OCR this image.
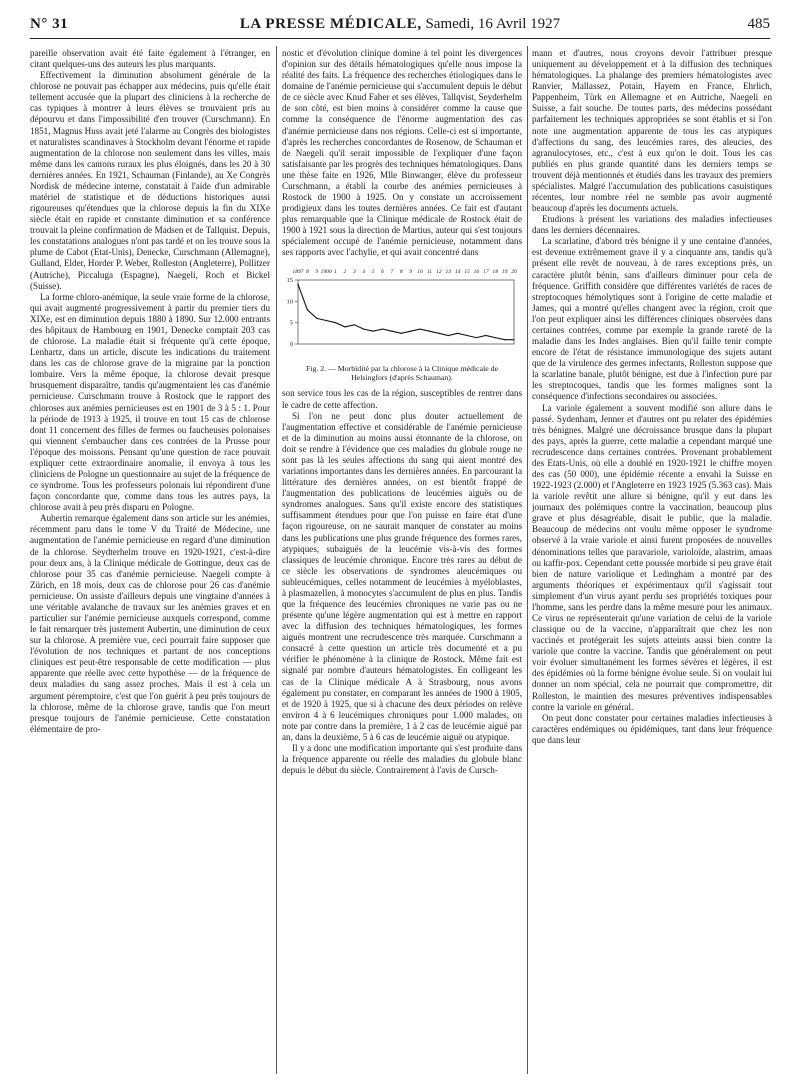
N° 31	LA PRESSE MÉDICALE, Samedi, 16 Avril 1927	485

pareille observation avait été faite également à l'étranger, en citant quelques-uns des auteurs les plus marquants.

Effectivement la diminution absolument générale de la chlorose ne pouvait pas échapper aux médecins, puis qu'elle était tellement accusée que la plupart des cliniciens à la recherche de cas typiques à montrer à leurs élèves se trouvaient pris au dépourvu et dans l'impossibilité d'en trouver (Curschmann). En 1851, Magnus Huss avait jeté l'alarme au Congrès des biologistes et naturalistes scandinaves à Stockholm devant l'énorme et rapide augmentation de la chlorose non seulement dans les villes, mais même dans les cantons ruraux les plus éloignés, dans les 20 à 30 dernières années. En 1921, Schauman (Finlande), au Xe Congrès Nordisk de médecine interne, constatait à l'aide d'un admirable matériel de statistique et de déductions historiques aussi rigoureuses qu'étendues que la chlorose depuis la fin du XIXe siècle était en rapide et constante diminution et sa conférence trouvait la pleine confirmation de Madsen et de Tallquist. Depuis, les constatations analogues n'ont pas tardé et on les trouve sous la plume de Cabot (Etat-Unis), Denecke, Curschmann (Allemagne), Gulland, Elder, Horder P. Weber, Rolleston (Angleterre), Pollitzer (Autriche), Piccaluga (Espagne), Naegeli, Roch et Bickel (Suisse).

La forme chloro-anémique, la seule vraie forme de la chlorose, qui avait augmenté progressivement à partir du premier tiers du XIXe, est en diminution depuis 1880 à 1890. Sur 12.000 entrants des hôpitaux de Hambourg en 1901, Denecke comptait 203 cas de chlorose. La maladie était si fréquente qu'à cette époque, Lenhartz, dans un article, discute les indications du traitement dans les cas de chlorose grave de la migraine par la ponction lombaire. Vers la même époque, la chlorose devait presque brusquement disparaître, tandis qu'augmentaient les cas d'anémie pernicieuse. Curschmann trouve à Rostock que le rapport des chloroses aux anémies pernicieuses est en 1901 de 3 à 5 : 1. Pour la période de 1913 à 1925, il trouve en tout 15 cas de chlorose dont 11 concernent des filles de fermes ou faucheuses polonaises qui viennent s'embaucher dans ces contrées de la Prusse pour l'époque des moissons. Pensant qu'une question de race pouvait expliquer cette extraordinaire anomalie, il envoya à tous les cliniciens de Pologne un questionnaire au sujet de la fréquence de ce syndrome. Tous les professeurs polonais lui répondirent d'une façon concordante que, comme dans tous les autres pays, la chlorose avait à peu près disparu en Pologne.

Aubertin remarque également dans son article sur les anémies, récemment paru dans le tome V du Traité de Médecine, une augmentation de l'anémie pernicieuse en regard d'une diminution de la chlorose. Seydterhelm trouve en 1920-1921, c'est-à-dire pour deux ans, à la Clinique médicale de Gottingue, deux cas de chlorose pour 35 cas d'anémie pernicieuse. Naegeli compte à Zürich, en 18 mois, deux cas de chlorose pour 26 cas d'anémie pernicieuse. On assiste d'ailleurs depuis une vingtaine d'années à une véritable avalanche de travaux sur les anémies graves et en particulier sur l'anémie pernicieuse auxquels correspond, comme le fait remarquer très justement Aubertin, une diminution de ceux sur la chlorose. A première vue, ceci pourrait faire supposer que l'évolution de nos techniques et partant de nos conceptions cliniques est peut-être responsable de cette modification — plus apparente que réelle avec cette hypothèse — de la fréquence de deux maladies du sang assez proches. Mais il est à cela un argument péremptoire, c'est que l'on guérit à peu près toujours de la chlorose, même de la chlorose grave, tandis que l'on meurt presque toujours de l'anémie pernicieuse. Cette constatation élémentaire de pro-

nostic et d'évolution clinique domine à tel point les divergences d'opinion sur des détails hématologiques qu'elle nous impose la réalité des faits. La fréquence des recherches étiologiques dans le domaine de l'anémie pernicieuse qui s'accumulent depuis le début de ce siècle avec Knud Faber et ses élèves, Tallqvist, Seyderhelm de son côté, est bien moins à considérer comme la cause que comme la conséquence de l'énorme augmentation des cas d'anémie pernicieuse dans nos régions. Celle-ci est si importante, d'après les recherches concordantes de Rosenow, de Schauman et de Naegeli qu'il serait impossible de l'expliquer d'une façon satisfaisante par les progrès des techniques hématologiques. Dans une thèse faite en 1926, Mlle Binwanger, élève du professeur Curschmann, a établi la courbe des anémies pernicieuses à Rostock de 1900 à 1925. On y constate un accroissement prodigieux dans les toutes dernières années. Ce fait est d'autant plus remarquable que la Clinique médicale de Rostock était de 1900 à 1921 sous la direction de Martius, auteur qui s'est toujours spécialement occupé de l'anémie pernicieuse, notamment dans ses rapports avec l'achylie, et qui avait concentré dans

1897 8 9 1900 1 2 3 4 5 6 7 8 9 10 11 12 13 14 15 16 17 18 19 20
0
5
10
15
Fig. 2. — Morbidité par la chlorose à la Clinique médicale de Helsingfors (d'après Schauman).

son service tous les cas de la région, susceptibles de rentrer dans le cadre de cette affection.

Si l'on ne peut donc plus douter actuellement de l'augmentation effective et considérable de l'anémie pernicieuse et de la diminution au moins aussi étonnante de la chlorose, on doit se rendre à l'évidence que ces maladies du globule rouge ne sont pas là les seules affections du sang qui aient montré des variations importantes dans les dernières années. En parcourant la littérature des dernières années, on est bientôt frappé de l'augmentation des publications de leucémies aiguës ou de syndromes analogues. Sans qu'il existe encore des statistiques suffisamment étendues pour que l'on puisse en faire état d'une façon rigoureuse, on ne saurait manquer de constater au moins dans les publications une plus grande fréquence des formes rares, atypiques, subaiguës de la leucémie vis-à-vis des formes classiques de leucémie chronique. Encore très rares au début de ce siècle les observations de syndromes aleucémiques ou subleucémiques, celles notamment de leucémies à myéloblastes, à plasmazellen, à monocytes s'accumulent de plus en plus. Tandis que la fréquence des leucémies chroniques ne varie pas ou ne présente qu'une légère augmentation qui est à mettre en rapport avec la diffusion des techniques hématologiques, les formes aiguës montrent une recrudescence très marquée. Curschmann a consacré à cette question un article très documenté et a pu vérifier le phénomène à la clinique de Rostock. Même fait est signalé par nombre d'auteurs hématologistes. En colligeant les cas de la Clinique médicale A à Strasbourg, nous avons également pu constater, en comparant les années de 1900 à 1905, et de 1920 à 1925, que si à chacune des deux périodes on relève environ 4 à 6 leucémiques chroniques pour 1.000 malades, on note par contre dans la première, 1 à 2 cas de leucémie aiguë par an, dans la deuxième, 5 à 6 cas de leucémie aiguë ou atypique.

Il y a donc une modification importante qui s'est produite dans la fréquence apparente ou réelle des maladies du globule blanc depuis le début du siècle. Contrairement à l'avis de Cursch-

mann et d'autres, nous croyons devoir l'attribuer presque uniquement au développement et à la diffusion des techniques hématologiques. La phalange des premiers hématologistes avec Ranvier, Mallassez, Potain, Hayem en France, Ehrlich, Pappenheim, Türk en Allemagne et en Autriche, Naegeli en Suisse, a fait souche. De toutes parts, des médecins possédant parfaitement les techniques appropriées se sont établis et si l'on note une augmentation apparente de tous les cas atypiques d'affections du sang, des leucémies rares, des aleucies, des agranulocytoses, etc., c'est à eux qu'on le doit. Tous les cas publiés en plus grande quantité dans les derniers temps se trouvent déjà mentionnés et étudiés dans les travaux des premiers spécialistes. Malgré l'accumulation des publications casuistiques récentes, leur nombre réel ne semble pas avoir augmenté beaucoup d'après les documents actuels.

Etudions à présent les variations des maladies infectieuses dans les derniers décennaires.

La scarlatine, d'abord très bénigne il y une centaine d'années, est devenue extrêmement grave il y a cinquante ans, tandis qu'à présent elle revêt de nouveau, à de rares exceptions près, un caractère plutôt bénin, sans d'ailleurs diminuer pour cela de fréquence. Griffith considère que différentes variétés de races de streptocoques hémolytiques sont à l'origine de cette maladie et James, qui a montré qu'elles changent avec la région, croit que l'on peut expliquer ainsi les différences cliniques observées dans certaines contrées, comme par exemple la grande rareté de la maladie dans les Indes anglaises. Bien qu'il faille tenir compte encore de l'état de résistance immunologique des sujets autant que de la virulence des germes infectants, Rolleston suppose que la scarlatine banale, plutôt bénigne, est due à l'infection pure par les streptocoques, tandis que les formes malignes sont la conséquence d'infections secondaires ou associées.

La variole également a souvent modifié son allure dans le passé. Sydenham, Jenner et d'autres ont pu relater des épidémies très bénignes. Malgré une décroissance brusque dans la plupart des pays, après la guerre, cette maladie a cependant marqué une recrudescence dans certaines contrées. Provenant probablement des Etats-Unis, où elle a doublé en 1920-1921 le chiffre moyen des cas (50 000), une épidémie récente a envahi la Suisse en 1922-1923 (2.000) et l'Angleterre en 1923 1925 (5.363 cas). Mais la variole revêtit une allure si bénigne, qu'il y eut dans les journaux des polémiques contre la vaccination, beaucoup plus grave et plus désagréable, disait le public, que la maladie. Beaucoup de médecins ont voulu même opposer le syndrome observé à la vraie variole et ainsi furent proposées de nouvelles dénominations telles que paravariole, varioloïde, alastrim, amaas ou kaffir-pox. Cependant cette poussée morbide si peu grave était bien de nature variolique et Ledingham a montré par des arguments théoriques et expérimentaux qu'il s'agissait tout simplement d'un virus ayant perdu ses propriétés toxiques pour l'homme, sans les perdre dans la même mesure pour les animaux. Ce virus ne représenterait qu'une variation de celui de la variole classique ou de la vaccine, n'apparaîtrait que chez les non vaccinés et protégerait les sujets atteints aussi bien contre la variole que contre la vaccine. Tandis que généralement on peut voir évoluer simultanément les formes sévères et légères, il est des épidémies où la forme bénigne évolue seule. Si on voulait lui donner un nom spécial, cela ne pourrait que compromettre, dit Rolleston, le maintien des mesures préventives indispensables contre la variole en général.

On peut donc constater pour certaines maladies infectieuses à caractères endémiques ou épidémiques, tant dans leur fréquence que dans leur
